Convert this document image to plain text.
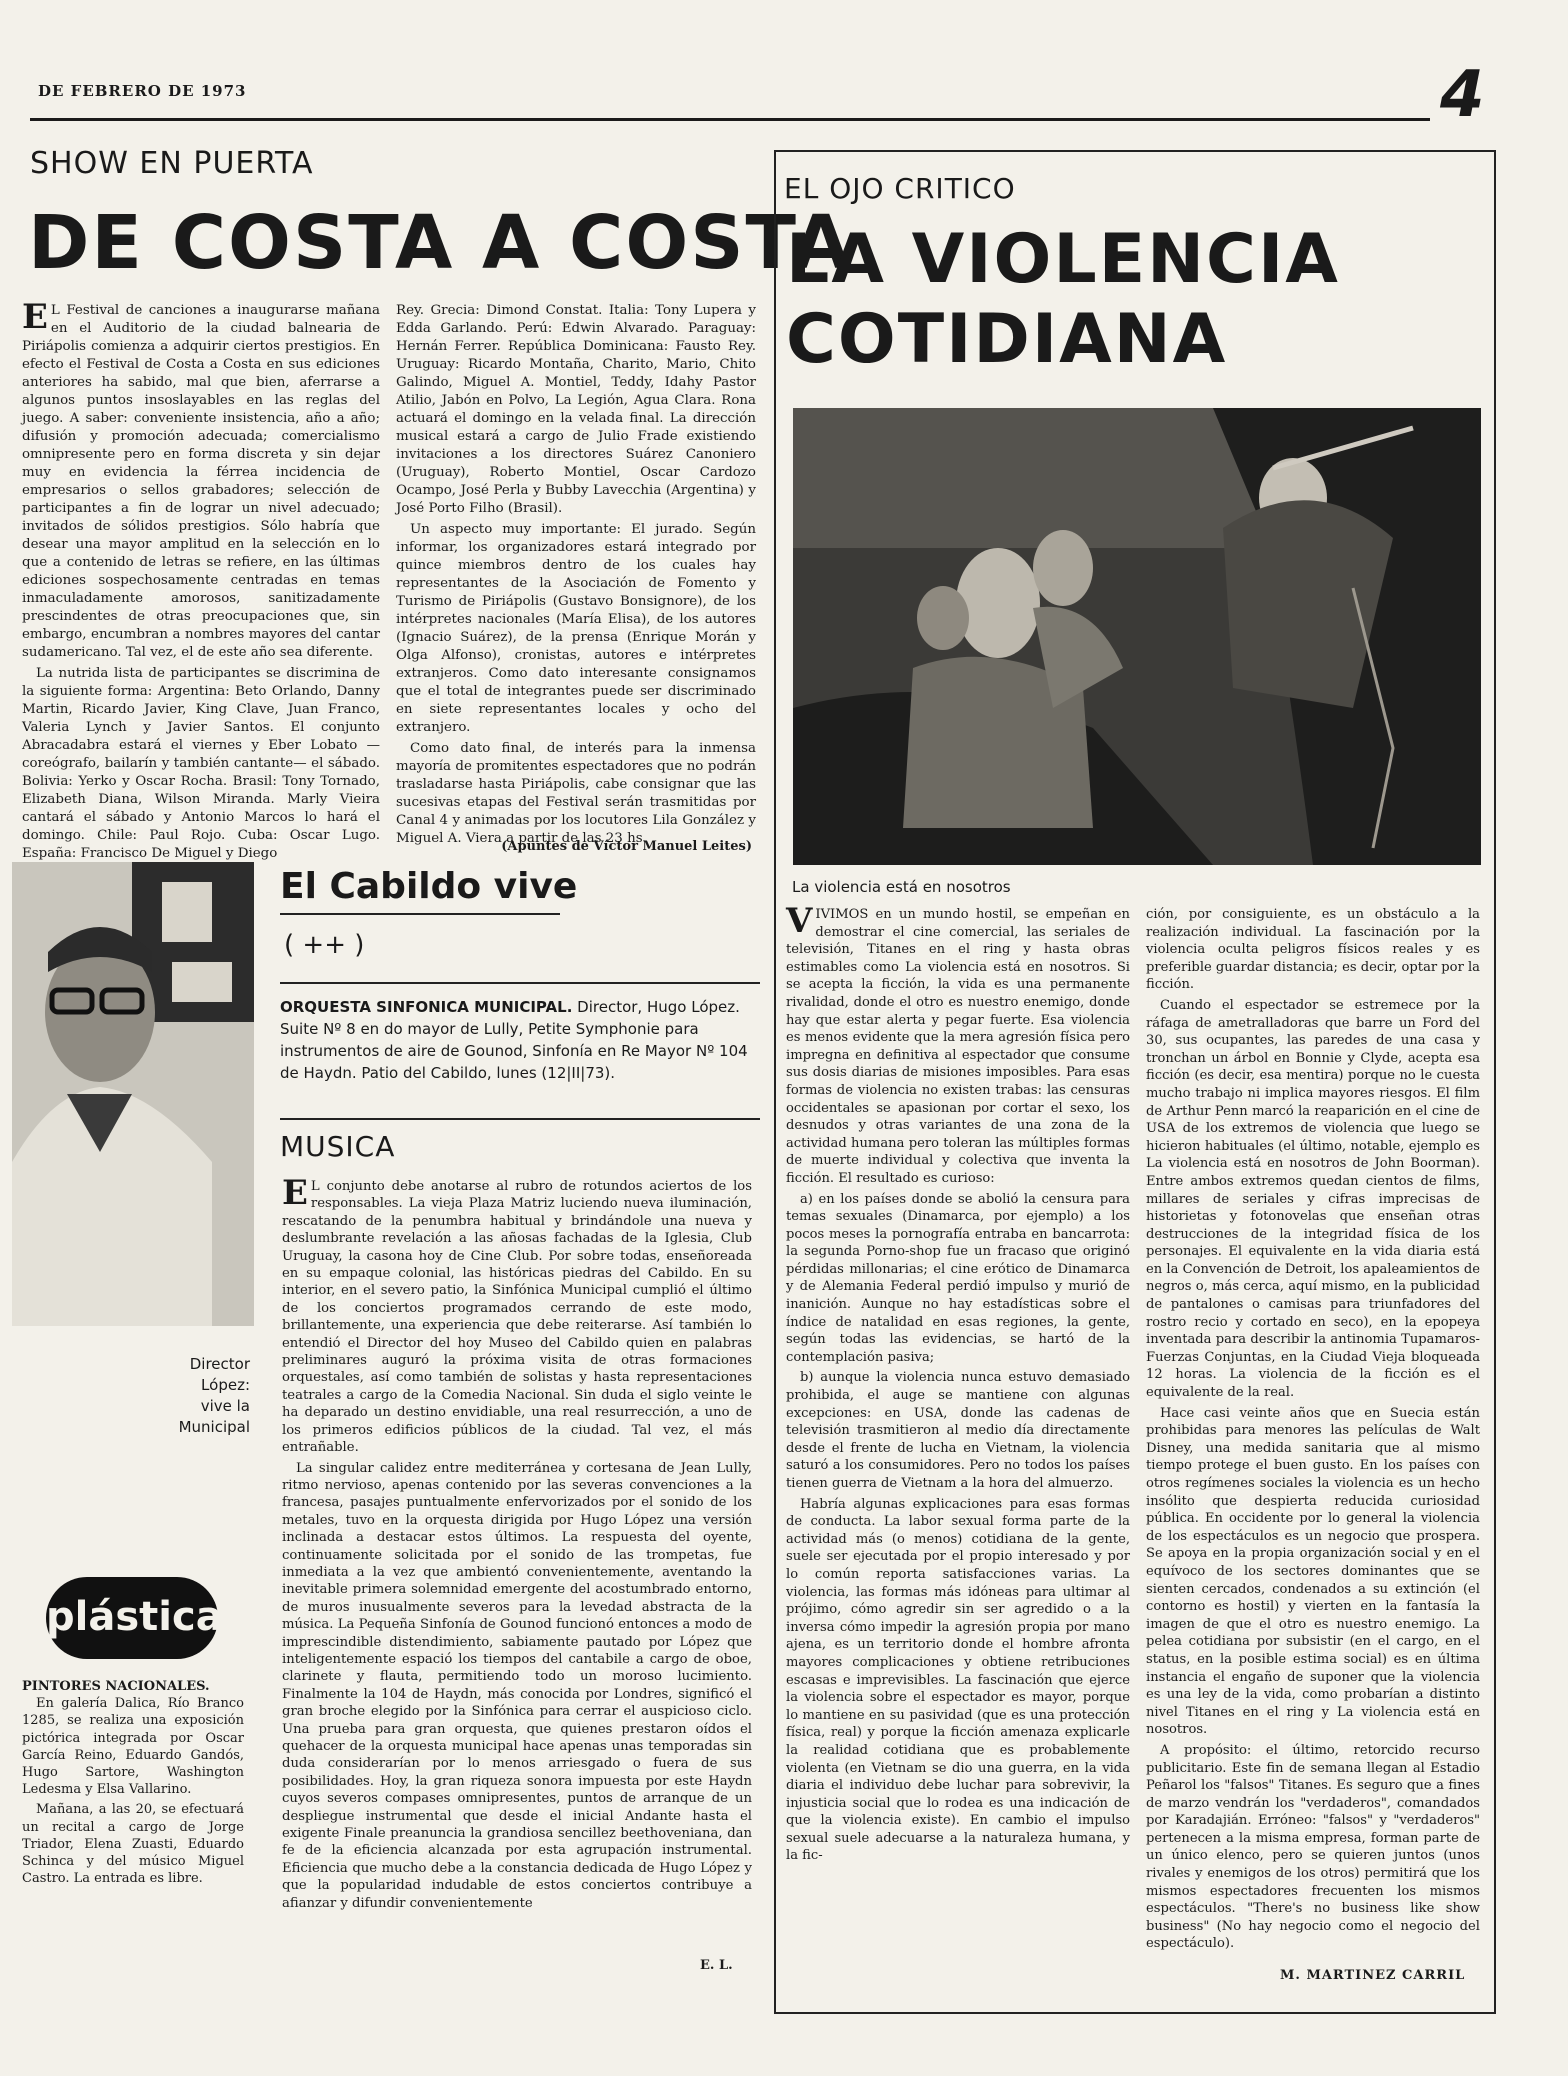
DE FEBRERO DE 1973	4
SHOW EN PUERTA
DE COSTA A COSTA

EL Festival de canciones a inaugurarse mañana en el Auditorio de la ciudad balnearia de Piriápolis comienza a adquirir ciertos prestigios. En efecto el Festival de Costa a Costa en sus ediciones anteriores ha sabido, mal que bien, aferrarse a algunos puntos insoslayables en las reglas del juego. A saber: conveniente insistencia, año a año; difusión y promoción adecuada; comercialismo omnipresente pero en forma discreta y sin dejar muy en evidencia la férrea incidencia de empresarios o sellos grabadores; selección de participantes a fin de lograr un nivel adecuado; invitados de sólidos prestigios. Sólo habría que desear una mayor amplitud en la selección en lo que a contenido de letras se refiere, en las últimas ediciones sospechosamente centradas en temas inmaculadamente amorosos, sanitizadamente prescindentes de otras preocupaciones que, sin embargo, encumbran a nombres mayores del cantar sudamericano. Tal vez, el de este año sea diferente.

La nutrida lista de participantes se discrimina de la siguiente forma: Argentina: Beto Orlando, Danny Martin, Ricardo Javier, King Clave, Juan Franco, Valeria Lynch y Javier Santos. El conjunto Abracadabra estará el viernes y Eber Lobato —coreógrafo, bailarín y también cantante— el sábado. Bolivia: Yerko y Oscar Rocha. Brasil: Tony Tornado, Elizabeth Diana, Wilson Miranda. Marly Vieira cantará el sábado y Antonio Marcos lo hará el domingo. Chile: Paul Rojo. Cuba: Oscar Lugo. España: Francisco De Miguel y Diego

Rey. Grecia: Dimond Constat. Italia: Tony Lupera y Edda Garlando. Perú: Edwin Alvarado. Paraguay: Hernán Ferrer. República Dominicana: Fausto Rey. Uruguay: Ricardo Montaña, Charito, Mario, Chito Galindo, Miguel A. Montiel, Teddy, Idahy Pastor Atilio, Jabón en Polvo, La Legión, Agua Clara. Rona actuará el domingo en la velada final. La dirección musical estará a cargo de Julio Frade existiendo invitaciones a los directores Suárez Canoniero (Uruguay), Roberto Montiel, Oscar Cardozo Ocampo, José Perla y Bubby Lavecchia (Argentina) y José Porto Filho (Brasil).

Un aspecto muy importante: El jurado. Según informar, los organizadores estará integrado por quince miembros dentro de los cuales hay representantes de la Asociación de Fomento y Turismo de Piriápolis (Gustavo Bonsignore), de los intérpretes nacionales (María Elisa), de los autores (Ignacio Suárez), de la prensa (Enrique Morán y Olga Alfonso), cronistas, autores e intérpretes extranjeros. Como dato interesante consignamos que el total de integrantes puede ser discriminado en siete representantes locales y ocho del extranjero.

Como dato final, de interés para la inmensa mayoría de promitentes espectadores que no podrán trasladarse hasta Piriápolis, cabe consignar que las sucesivas etapas del Festival serán trasmitidas por Canal 4 y animadas por los locutores Lila González y Miguel A. Viera a partir de las 23 hs.

(Apuntes de Víctor Manuel Leites)
Director
López:
vive la
Municipal
El Cabildo vive
( ++ )
ORQUESTA SINFONICA MUNICIPAL. Director, Hugo López. Suite Nº 8 en do mayor de Lully, Petite Symphonie para instrumentos de aire de Gounod, Sinfonía en Re Mayor Nº 104 de Haydn. Patio del Cabildo, lunes (12|II|73).
MUSICA

EL conjunto debe anotarse al rubro de rotundos aciertos de los responsables. La vieja Plaza Matriz luciendo nueva iluminación, rescatando de la penumbra habitual y brindándole una nueva y deslumbrante revelación a las añosas fachadas de la Iglesia, Club Uruguay, la casona hoy de Cine Club. Por sobre todas, enseñoreada en su empaque colonial, las históricas piedras del Cabildo. En su interior, en el severo patio, la Sinfónica Municipal cumplió el último de los conciertos programados cerrando de este modo, brillantemente, una experiencia que debe reiterarse. Así también lo entendió el Director del hoy Museo del Cabildo quien en palabras preliminares auguró la próxima visita de otras formaciones orquestales, así como también de solistas y hasta representaciones teatrales a cargo de la Comedia Nacional. Sin duda el siglo veinte le ha deparado un destino envidiable, una real resurrección, a uno de los primeros edificios públicos de la ciudad. Tal vez, el más entrañable.

La singular calidez entre mediterránea y cortesana de Jean Lully, ritmo nervioso, apenas contenido por las severas convenciones a la francesa, pasajes puntualmente enfervorizados por el sonido de los metales, tuvo en la orquesta dirigida por Hugo López una versión inclinada a destacar estos últimos. La respuesta del oyente, continuamente solicitada por el sonido de las trompetas, fue inmediata a la vez que ambientó convenientemente, aventando la inevitable primera solemnidad emergente del acostumbrado entorno, de muros inusualmente severos para la levedad abstracta de la música. La Pequeña Sinfonía de Gounod funcionó entonces a modo de imprescindible distendimiento, sabiamente pautado por López que inteligentemente espació los tiempos del cantabile a cargo de oboe, clarinete y flauta, permitiendo todo un moroso lucimiento. Finalmente la 104 de Haydn, más conocida por Londres, significó el gran broche elegido por la Sinfónica para cerrar el auspicioso ciclo. Una prueba para gran orquesta, que quienes prestaron oídos el quehacer de la orquesta municipal hace apenas unas temporadas sin duda considerarían por lo menos arriesgado o fuera de sus posibilidades. Hoy, la gran riqueza sonora impuesta por este Haydn cuyos severos compases omnipresentes, puntos de arranque de un despliegue instrumental que desde el inicial Andante hasta el exigente Finale preanuncia la grandiosa sencillez beethoveniana, dan fe de la eficiencia alcanzada por esta agrupación instrumental. Eficiencia que mucho debe a la constancia dedicada de Hugo López y que la popularidad indudable de estos conciertos contribuye a afianzar y difundir convenientemente

E. L.
plástica
PINTORES NACIONALES.

En galería Dalica, Río Branco 1285, se realiza una exposición pictórica integrada por Oscar García Reino, Eduardo Gandós, Hugo Sartore, Washington Ledesma y Elsa Vallarino.

Mañana, a las 20, se efectuará un recital a cargo de Jorge Triador, Elena Zuasti, Eduardo Schinca y del músico Miguel Castro. La entrada es libre.

EL OJO CRITICO
LA VIOLENCIA
COTIDIANA
La violencia está en nosotros

VIVIMOS en un mundo hostil, se empeñan en demostrar el cine comercial, las seriales de televisión, Titanes en el ring y hasta obras estimables como La violencia está en nosotros. Si se acepta la ficción, la vida es una permanente rivalidad, donde el otro es nuestro enemigo, donde hay que estar alerta y pegar fuerte. Esa violencia es menos evidente que la mera agresión física pero impregna en definitiva al espectador que consume sus dosis diarias de misiones imposibles. Para esas formas de violencia no existen trabas: las censuras occidentales se apasionan por cortar el sexo, los desnudos y otras variantes de una zona de la actividad humana pero toleran las múltiples formas de muerte individual y colectiva que inventa la ficción. El resultado es curioso:

a) en los países donde se abolió la censura para temas sexuales (Dinamarca, por ejemplo) a los pocos meses la pornografía entraba en bancarrota: la segunda Porno-shop fue un fracaso que originó pérdidas millonarias; el cine erótico de Dinamarca y de Alemania Federal perdió impulso y murió de inanición. Aunque no hay estadísticas sobre el índice de natalidad en esas regiones, la gente, según todas las evidencias, se hartó de la contemplación pasiva;

b) aunque la violencia nunca estuvo demasiado prohibida, el auge se mantiene con algunas excepciones: en USA, donde las cadenas de televisión trasmitieron al medio día directamente desde el frente de lucha en Vietnam, la violencia saturó a los consumidores. Pero no todos los países tienen guerra de Vietnam a la hora del almuerzo.

Habría algunas explicaciones para esas formas de conducta. La labor sexual forma parte de la actividad más (o menos) cotidiana de la gente, suele ser ejecutada por el propio interesado y por lo común reporta satisfacciones varias. La violencia, las formas más idóneas para ultimar al prójimo, cómo agredir sin ser agredido o a la inversa cómo impedir la agresión propia por mano ajena, es un territorio donde el hombre afronta mayores complicaciones y obtiene retribuciones escasas e imprevisibles. La fascinación que ejerce la violencia sobre el espectador es mayor, porque lo mantiene en su pasividad (que es una protección física, real) y porque la ficción amenaza explicarle la realidad cotidiana que es probablemente violenta (en Vietnam se dio una guerra, en la vida diaria el individuo debe luchar para sobrevivir, la injusticia social que lo rodea es una indicación de que la violencia existe). En cambio el impulso sexual suele adecuarse a la naturaleza humana, y la fic-

ción, por consiguiente, es un obstáculo a la realización individual. La fascinación por la violencia oculta peligros físicos reales y es preferible guardar distancia; es decir, optar por la ficción.

Cuando el espectador se estremece por la ráfaga de ametralladoras que barre un Ford del 30, sus ocupantes, las paredes de una casa y tronchan un árbol en Bonnie y Clyde, acepta esa ficción (es decir, esa mentira) porque no le cuesta mucho trabajo ni implica mayores riesgos. El film de Arthur Penn marcó la reaparición en el cine de USA de los extremos de violencia que luego se hicieron habituales (el último, notable, ejemplo es La violencia está en nosotros de John Boorman). Entre ambos extremos quedan cientos de films, millares de seriales y cifras imprecisas de historietas y fotonovelas que enseñan otras destrucciones de la integridad física de los personajes. El equivalente en la vida diaria está en la Convención de Detroit, los apaleamientos de negros o, más cerca, aquí mismo, en la publicidad de pantalones o camisas para triunfadores del rostro recio y cortado en seco), en la epopeya inventada para describir la antinomia Tupamaros-Fuerzas Conjuntas, en la Ciudad Vieja bloqueada 12 horas. La violencia de la ficción es el equivalente de la real.

Hace casi veinte años que en Suecia están prohibidas para menores las películas de Walt Disney, una medida sanitaria que al mismo tiempo protege el buen gusto. En los países con otros regímenes sociales la violencia es un hecho insólito que despierta reducida curiosidad pública. En occidente por lo general la violencia de los espectáculos es un negocio que prospera. Se apoya en la propia organización social y en el equívoco de los sectores dominantes que se sienten cercados, condenados a su extinción (el contorno es hostil) y vierten en la fantasía la imagen de que el otro es nuestro enemigo. La pelea cotidiana por subsistir (en el cargo, en el status, en la posible estima social) es en última instancia el engaño de suponer que la violencia es una ley de la vida, como probarían a distinto nivel Titanes en el ring y La violencia está en nosotros.

A propósito: el último, retorcido recurso publicitario. Este fin de semana llegan al Estadio Peñarol los "falsos" Titanes. Es seguro que a fines de marzo vendrán los "verdaderos", comandados por Karadajián. Erróneo: "falsos" y "verdaderos" pertenecen a la misma empresa, forman parte de un único elenco, pero se quieren juntos (unos rivales y enemigos de los otros) permitirá que los mismos espectadores frecuenten los mismos espectáculos. "There's no business like show business" (No hay negocio como el negocio del espectáculo).

M. MARTINEZ CARRIL
